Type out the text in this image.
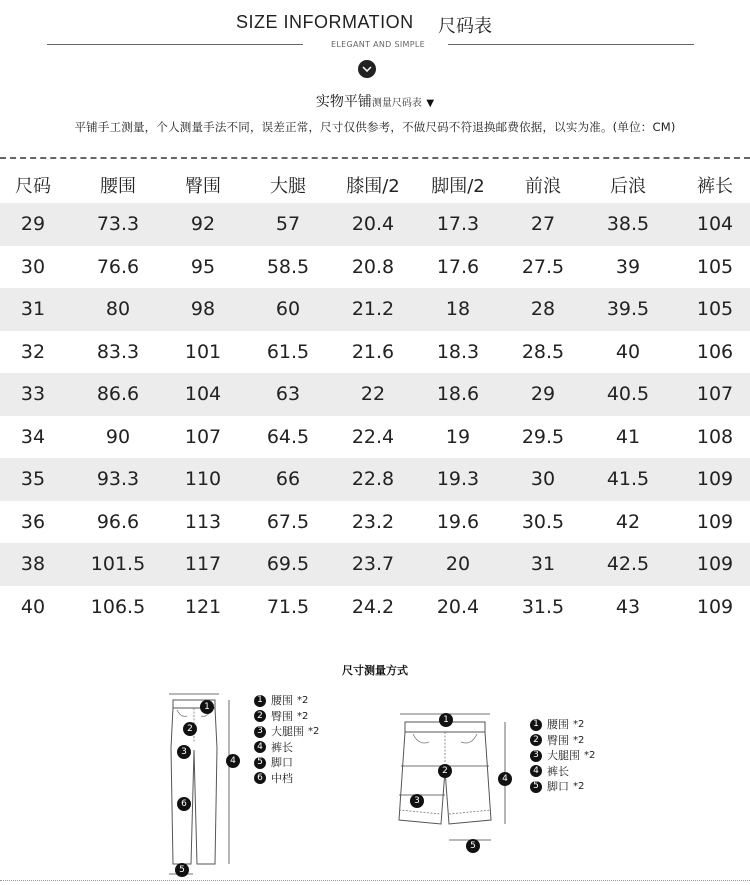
SIZE INFORMATION 尺码表
ELEGANT AND SIMPLE
实物平铺测量尺码表 ▼
平铺手工测量，个人测量手法不同，误差正常，尺寸仅供参考，不做尺码不符退换邮费依据，以实为准。(单位：CM)
尺码	腰围	臀围	大腿	膝围/2	脚围/2	前浪	后浪	裤长
29	73.3	92	57	20.4	17.3	27	38.5	104
30	76.6	95	58.5	20.8	17.6	27.5	39	105
31	80	98	60	21.2	18	28	39.5	105
32	83.3	101	61.5	21.6	18.3	28.5	40	106
33	86.6	104	63	22	18.6	29	40.5	107
34	90	107	64.5	22.4	19	29.5	41	108
35	93.3	110	66	22.8	19.3	30	41.5	109
36	96.6	113	67.5	23.2	19.6	30.5	42	109
38	101.5	117	69.5	23.7	20	31	42.5	109
40	106.5	121	71.5	24.2	20.4	31.5	43	109
尺寸测量方式
1
2
3
4
6
5
1 腰围 *2
2 臀围 *2
3 大腿围 *2
4 裤长
5 脚口
6 中档
1
2
3
4
5
1 腰围 *2
2 臀围 *2
3 大腿围 *2
4 裤长
5 脚口 *2
